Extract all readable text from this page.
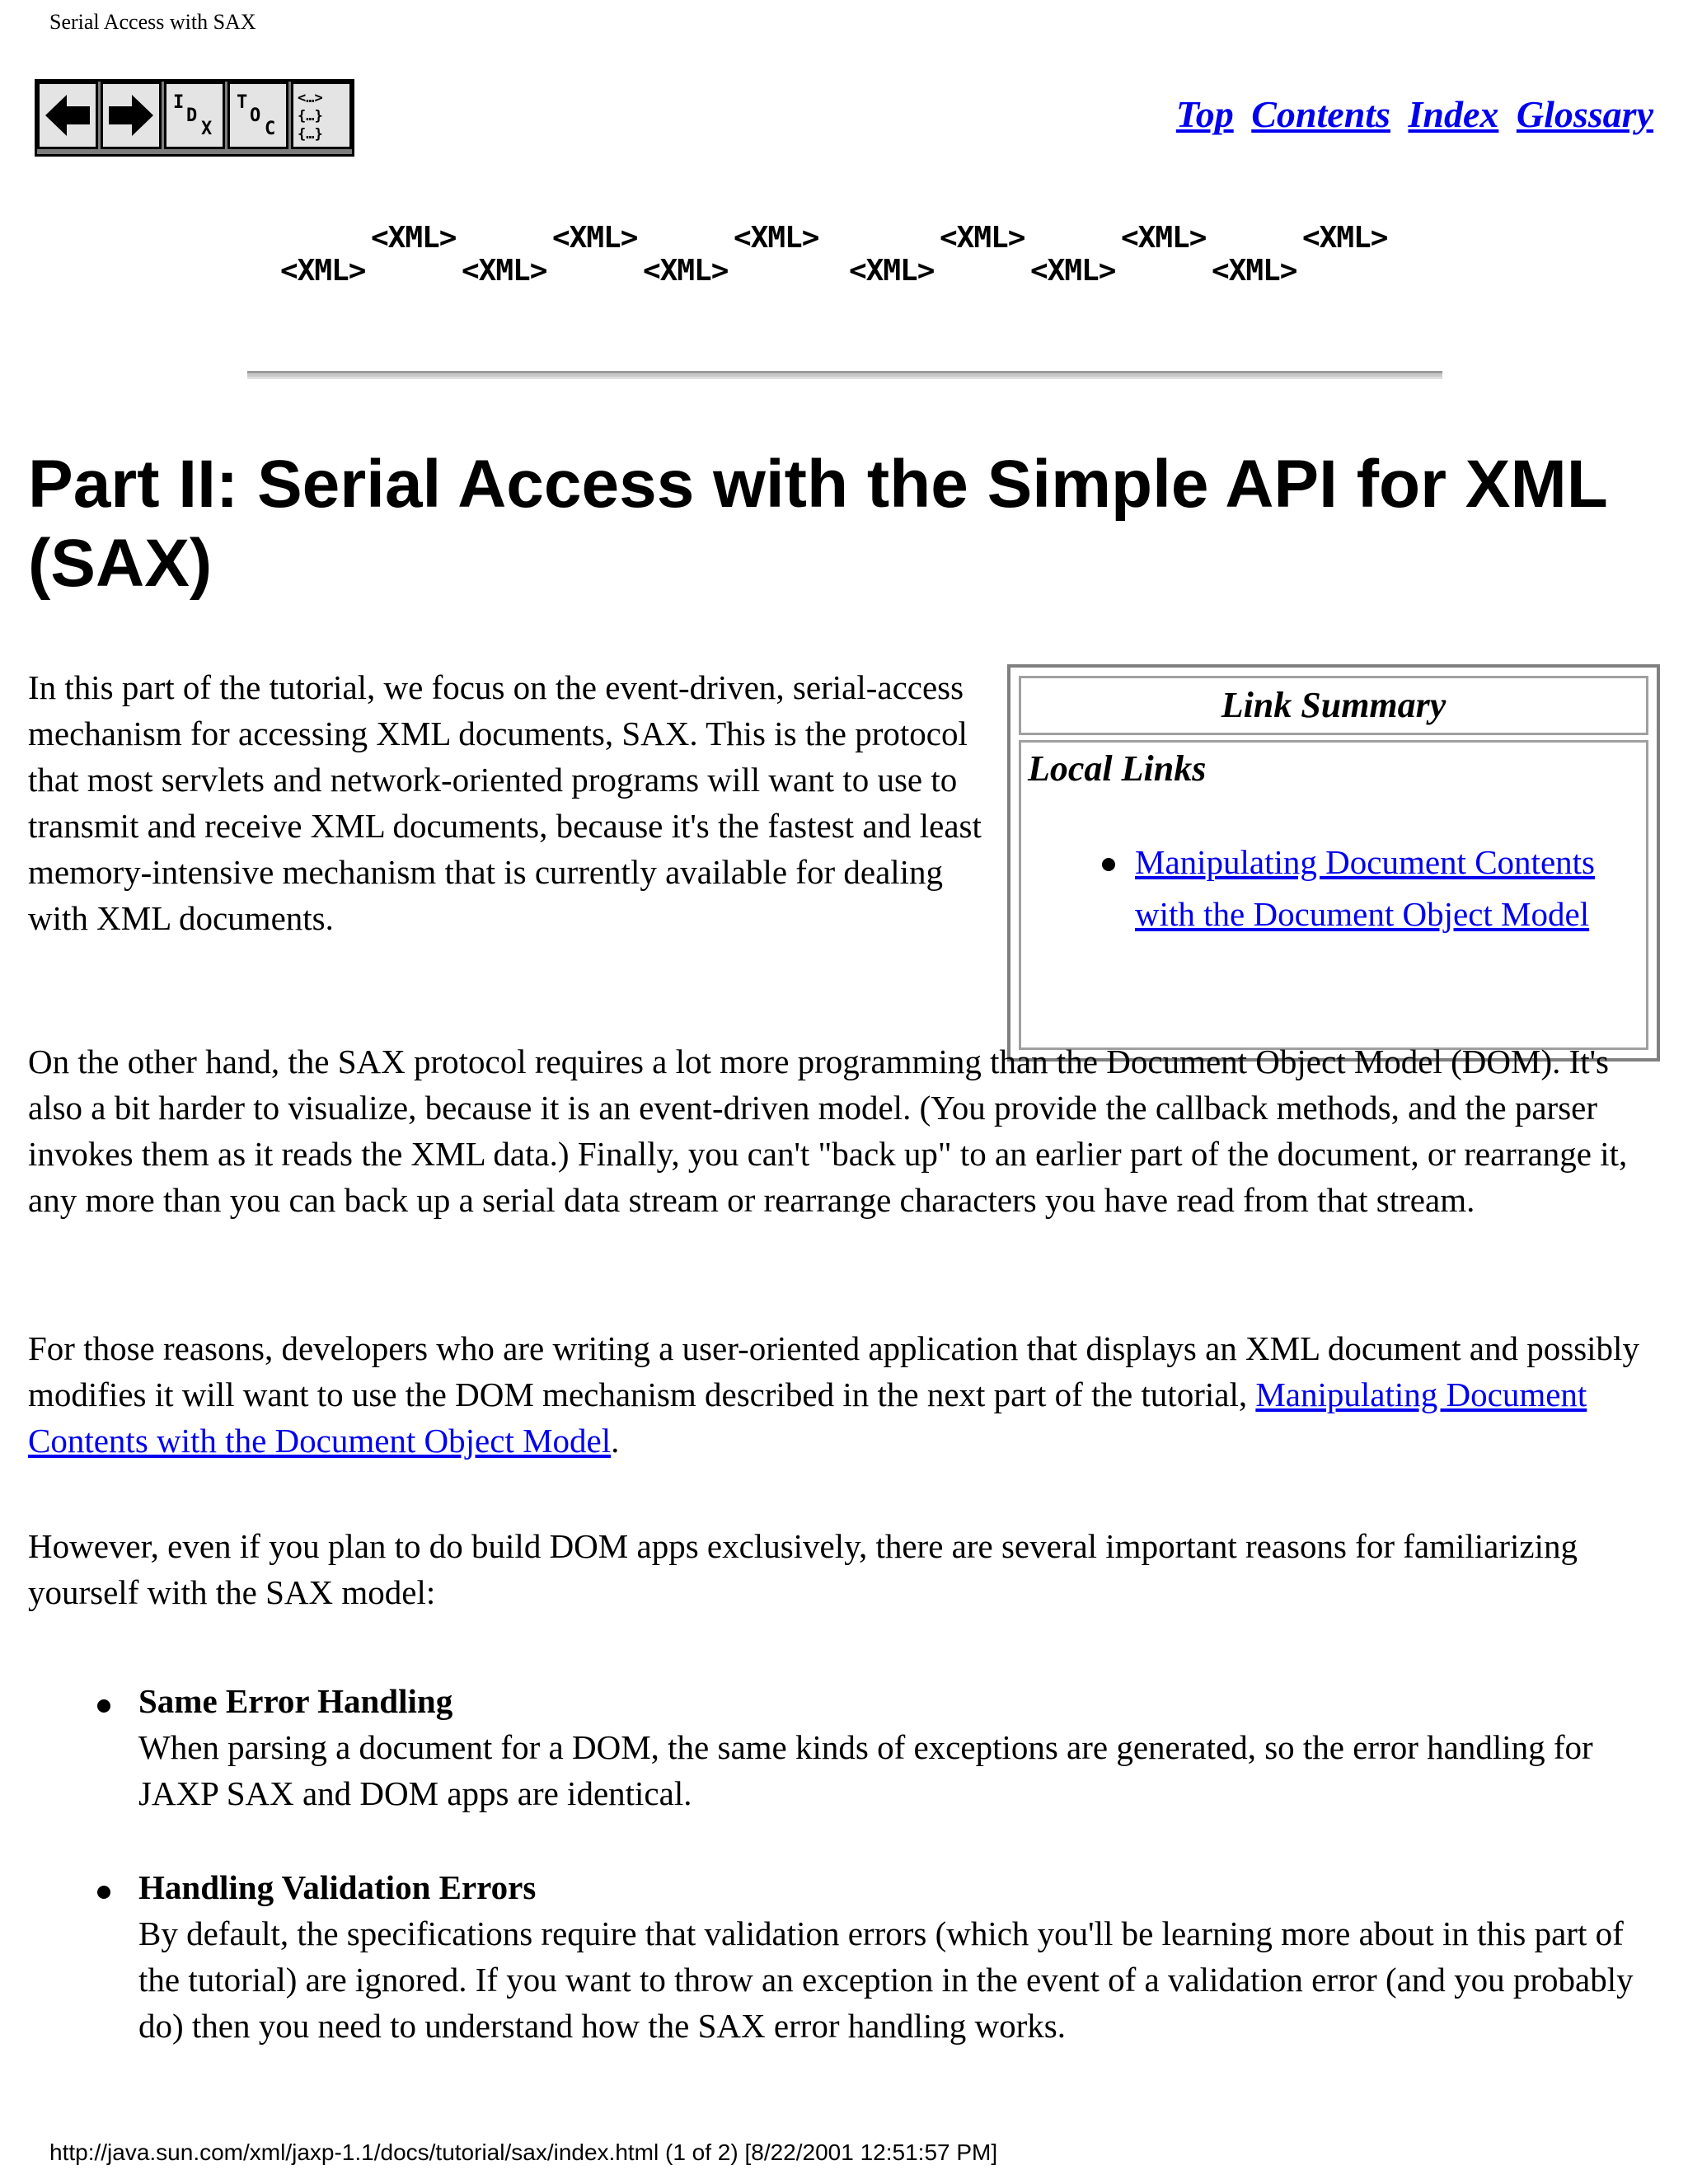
Serial Access with SAX
I
D
X
T
O
C
<…>
{…}
{…}	Top Contents Index Glossary
<XML>
<XML>
<XML>
<XML>
<XML>
<XML>
<XML>
<XML>
<XML>
<XML>
<XML>
<XML>
Part II: Serial Access with the Simple API for XML (SAX)

In this part of the tutorial, we focus on the event-driven, serial-access mechanism for accessing XML documents, SAX. This is the protocol that most servlets and network-oriented programs will want to use to transmit and receive XML documents, because it's the fastest and least memory-intensive mechanism that is currently available for dealing with XML documents.

Link Summary
Local Links
Manipulating Document Contents with the Document Object Model

On the other hand, the SAX protocol requires a lot more programming than the Document Object Model (DOM). It's also a bit harder to visualize, because it is an event-driven model. (You provide the callback methods, and the parser invokes them as it reads the XML data.) Finally, you can't "back up" to an earlier part of the document, or rearrange it, any more than you can back up a serial data stream or rearrange characters you have read from that stream.

For those reasons, developers who are writing a user-oriented application that displays an XML document and possibly modifies it will want to use the DOM mechanism described in the next part of the tutorial, Manipulating Document Contents with the Document Object Model.

However, even if you plan to do build DOM apps exclusively, there are several important reasons for familiarizing yourself with the SAX model:

Same Error Handling
When parsing a document for a DOM, the same kinds of exceptions are generated, so the error handling for JAXP SAX and DOM apps are identical.
Handling Validation Errors
By default, the specifications require that validation errors (which you'll be learning more about in this part of the tutorial) are ignored. If you want to throw an exception in the event of a validation error (and you probably do) then you need to understand how the SAX error handling works.
http://java.sun.com/xml/jaxp-1.1/docs/tutorial/sax/index.html (1 of 2) [8/22/2001 12:51:57 PM]
